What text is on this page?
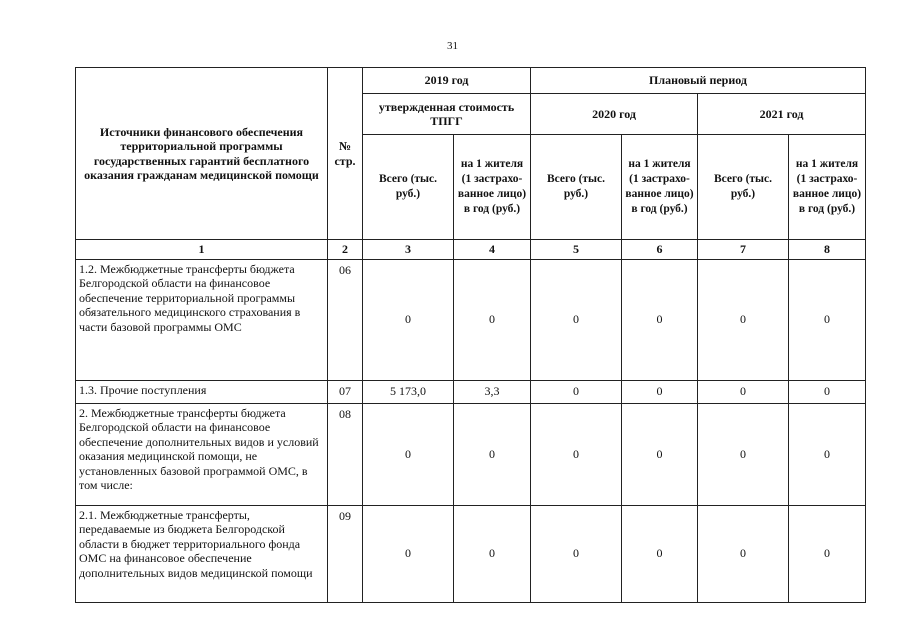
31
Источники финансового обеспечения территориальной программы государственных гарантий бесплатного оказания гражданам медицинской помощи	№ стр.	2019 год		Плановый период			
		утвержденная стоимость ТПГГ		2020 год		2021 год	
		Всего (тыс. руб.)	на 1 жителя (1 застрахо-ванное лицо) в год (руб.)	Всего (тыс. руб.)	на 1 жителя (1 застрахо-ванное лицо) в год (руб.)	Всего (тыс. руб.)	на 1 жителя (1 застрахо-ванное лицо) в год (руб.)
1	2	3	4	5	6	7	8
1.2. Межбюджетные трансферты бюджета Белгородской области на финансовое обеспечение территориальной программы обязательного медицинского страхования в части базовой программы ОМС	06	0	0	0	0	0	0
1.3. Прочие поступления	07	5 173,0	3,3	0	0	0	0
2. Межбюджетные трансферты бюджета Белгородской области на финансовое обеспечение дополнительных видов и условий оказания медицинской помощи, не установленных базовой программой ОМС, в том числе:	08	0	0	0	0	0	0
2.1. Межбюджетные трансферты, передаваемые из бюджета Белгородской области в бюджет территориального фонда ОМС на финансовое обеспечение дополнительных видов медицинской помощи	09	0	0	0	0	0	0
